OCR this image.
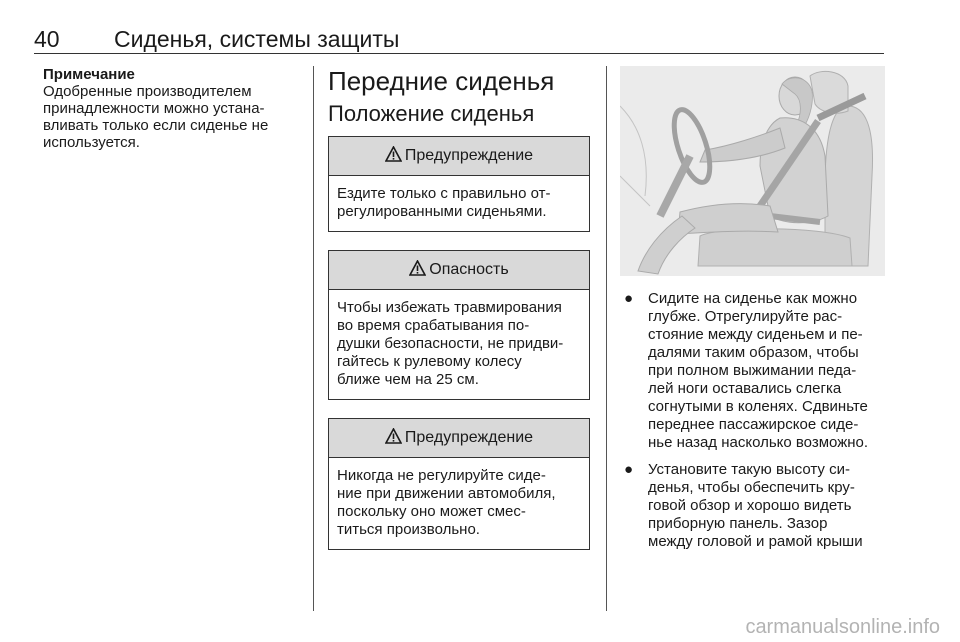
40 Сиденья, системы защиты
Примечание

Одобренные производителем
принадлежности можно устана-
вливать только если сиденье не
используется.

Передние сиденья
Положение сиденья
Предупреждение
Ездите только с правильно от-
регулированными сиденьями.
Опасность
Чтобы избежать травмирования
во время срабатывания по-
душки безопасности, не придви-
гайтесь к рулевому колесу
ближе чем на 25 см.
Предупреждение
Никогда не регулируйте сиде-
ние при движении автомобиля,
поскольку оно может смес-
титься произвольно.
● Сидите на сиденье как можно
глубже. Отрегулируйте рас-
стояние между сиденьем и пе-
далями таким образом, чтобы
при полном выжимании педа-
лей ноги оставались слегка
согнутыми в коленях. Сдвиньте
переднее пассажирское сиде-
нье назад насколько возможно.
● Установите такую высоту си-
денья, чтобы обеспечить кру-
говой обзор и хорошо видеть
приборную панель. Зазор
между головой и рамой крыши
carmanualsonline.info
